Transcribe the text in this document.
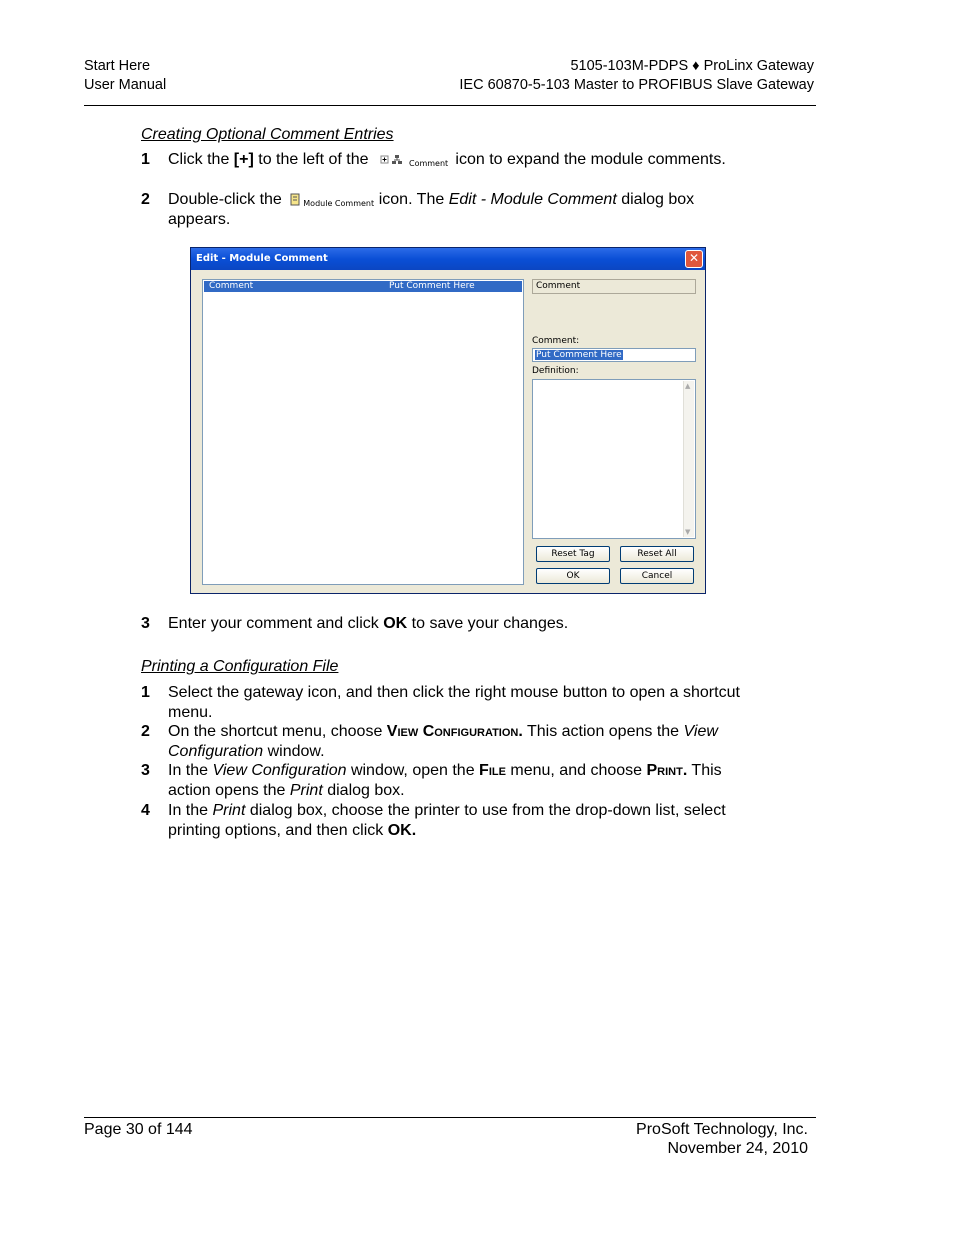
Start Here
User Manual
5105-103M-PDPS ♦ ProLinx Gateway
IEC 60870-5-103 Master to PROFIBUS Slave Gateway
Creating Optional Comment Entries
1 Click the [+] to the left of the	Comment icon to expand the module comments.
2 Double-click the Module Comment icon. The Edit - Module Comment dialog box appears.
Edit - Module Comment	✕
Comment	Put Comment Here	Comment
Comment:
Put Comment Here
Definition:
▲
▼
Reset Tag	Reset All
OK	Cancel
3 Enter your comment and click OK to save your changes.
Printing a Configuration File
1 Select the gateway icon, and then click the right mouse button to open a shortcut menu.
2 On the shortcut menu, choose View Configuration. This action opens the View Configuration window.
3 In the View Configuration window, open the File menu, and choose Print. This action opens the Print dialog box.
4 In the Print dialog box, choose the printer to use from the drop-down list, select printing options, and then click OK.
Page 30 of 144	ProSoft Technology, Inc.
November 24, 2010
